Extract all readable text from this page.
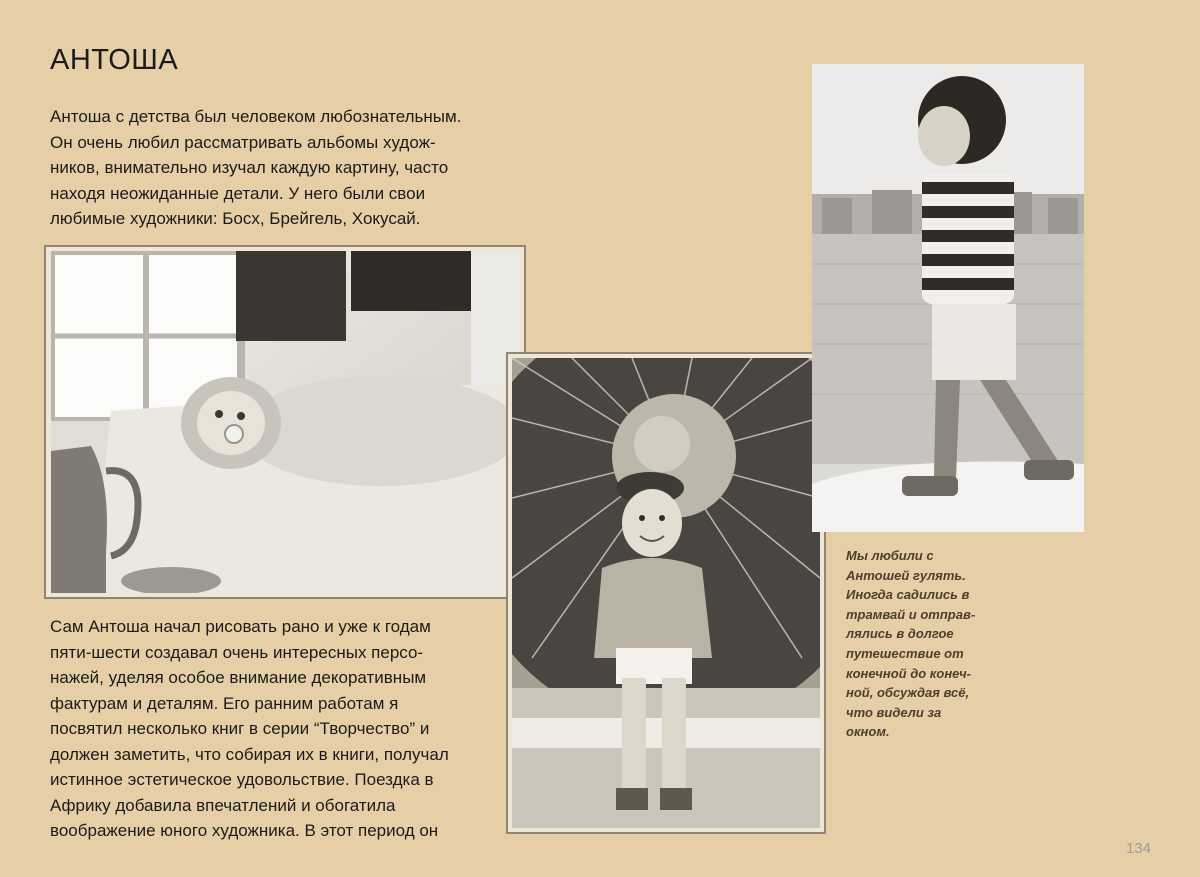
АНТОША

Антоша с детства был человеком любознательным.
Он очень любил рассматривать альбомы худож-
ников, внимательно изучал каждую картину, часто
находя неожиданные детали. У него были свои
любимые художники: Босх, Брейгель, Хокусай.

Сам Антоша начал рисовать рано и уже к годам
пяти-шести создавал очень интересных персо-
нажей, уделяя особое внимание декоративным
фактурам и деталям. Его ранним работам я
посвятил несколько книг в серии “Творчество” и
должен заметить, что собирая их в книги, получал
истинное эстетическое удовольствие. Поездка в
Африку добавила впечатлений и обогатила
воображение юного художника. В этот период он

Мы любили с
Антошей гулять.
Иногда садились в
трамвай и отправ-
лялись в долгое
путешествие от
конечной до конеч-
ной, обсуждая всё,
что видели за
окном.

134
